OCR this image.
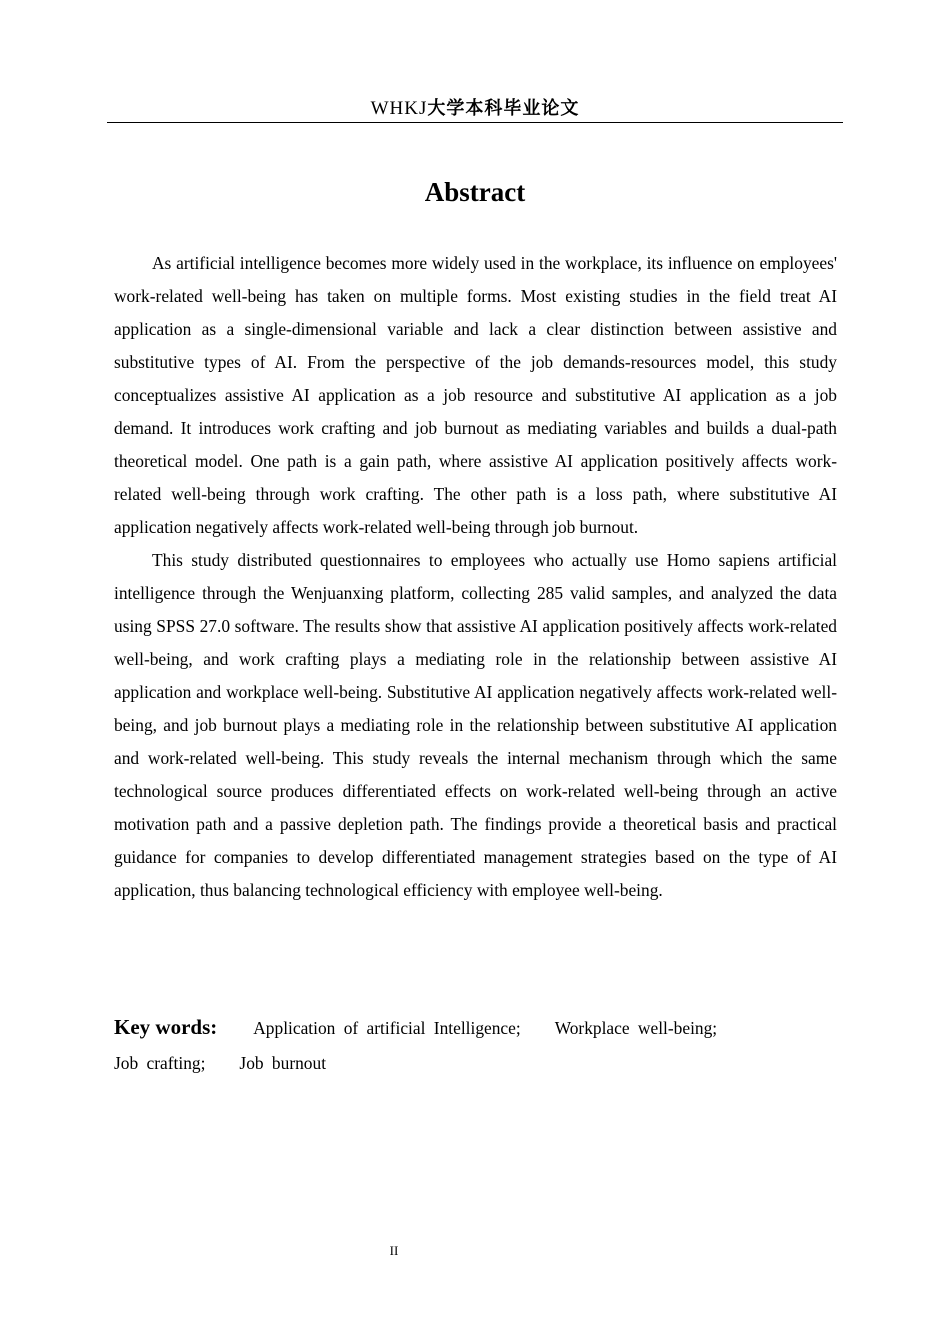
WHKJ大学本科毕业论文
Abstract

As artificial intelligence becomes more widely used in the workplace, its influence on employees' work-related well-being has taken on multiple forms. Most existing studies in the field treat AI application as a single-dimensional variable and lack a clear distinction between assistive and substitutive types of AI. From the perspective of the job demands-resources model, this study conceptualizes assistive AI application as a job resource and substitutive AI application as a job demand. It introduces work crafting and job burnout as mediating variables and builds a dual-path theoretical model. One path is a gain path, where assistive AI application positively affects work-related well-being through work crafting. The other path is a loss path, where substitutive AI application negatively affects work-related well-being through job burnout.

This study distributed questionnaires to employees who actually use Homo sapiens artificial intelligence through the Wenjuanxing platform, collecting 285 valid samples, and analyzed the data using SPSS 27.0 software. The results show that assistive AI application positively affects work-related well-being, and work crafting plays a mediating role in the relationship between assistive AI application and workplace well-being. Substitutive AI application negatively affects work-related well-being, and job burnout plays a mediating role in the relationship between substitutive AI application and work-related well-being. This study reveals the internal mechanism through which the same technological source produces differentiated effects on work-related well-being through an active motivation path and a passive depletion path. The findings provide a theoretical basis and practical guidance for companies to develop differentiated management strategies based on the type of AI application, thus balancing technological efficiency with employee well-being.

Key words: Application of artificial Intelligence; Workplace well-being;
Job crafting; Job burnout
II
